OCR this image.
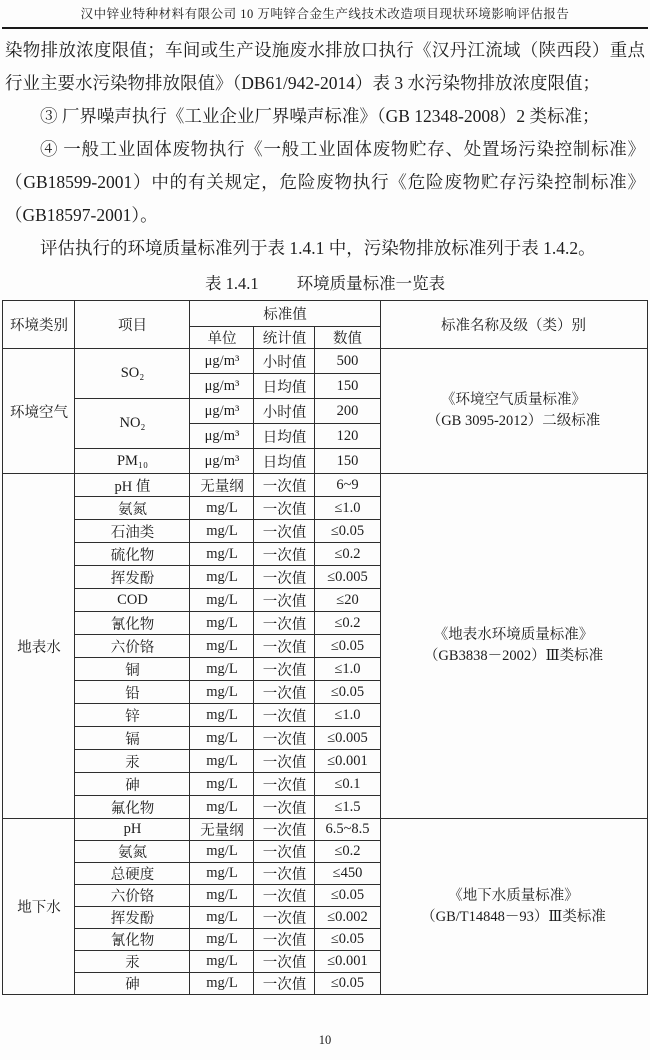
汉中锌业特种材料有限公司 10 万吨锌合金生产线技术改造项目现状环境影响评估报告

染物排放浓度限值；车间或生产设施废水排放口执行《汉丹江流域（陕西段）重点行业主要水污染物排放限值》（DB61/942-2014）表 3 水污染物排放浓度限值；

③ 厂界噪声执行《工业企业厂界噪声标准》（GB 12348-2008）2 类标准；

④ 一般工业固体废物执行《一般工业固体废物贮存、处置场污染控制标准》（GB18599-2001）中的有关规定，危险废物执行《危险废物贮存污染控制标准》（GB18597-2001）。

评估执行的环境质量标准列于表 1.4.1 中，污染物排放标准列于表 1.4.2。

表 1.4.1 环境质量标准一览表
环境类别	项目	标准值			标准名称及级（类）别
		单位	统计值	数值	
环境空气	SO₂	μg/m³	小时值	500	《环境空气质量标准》
（GB 3095-2012）二级标准

		μg/m³	日均值	150	
	NO₂	μg/m³	小时值	200	
		μg/m³	日均值	120	
	PM₁₀	μg/m³	日均值	150	
地表水	pH 值	无量纲	一次值	6~9	《地表水环境质量标准》
（GB3838－2002）Ⅲ类标准

	氨氮	mg/L	一次值	≤1.0	
	石油类	mg/L	一次值	≤0.05	
	硫化物	mg/L	一次值	≤0.2	
	挥发酚	mg/L	一次值	≤0.005	
	COD	mg/L	一次值	≤20	
	氰化物	mg/L	一次值	≤0.2	
	六价铬	mg/L	一次值	≤0.05	
	铜	mg/L	一次值	≤1.0	
	铅	mg/L	一次值	≤0.05	
	锌	mg/L	一次值	≤1.0	
	镉	mg/L	一次值	≤0.005	
	汞	mg/L	一次值	≤0.001	
	砷	mg/L	一次值	≤0.1	
	氟化物	mg/L	一次值	≤1.5	
地下水	pH	无量纲	一次值	6.5~8.5	《地下水质量标准》
（GB/T14848－93）Ⅲ类标准

	氨氮	mg/L	一次值	≤0.2	
	总硬度	mg/L	一次值	≤450	
	六价铬	mg/L	一次值	≤0.05	
	挥发酚	mg/L	一次值	≤0.002	
	氰化物	mg/L	一次值	≤0.05	
	汞	mg/L	一次值	≤0.001	
	砷	mg/L	一次值	≤0.05	
10
